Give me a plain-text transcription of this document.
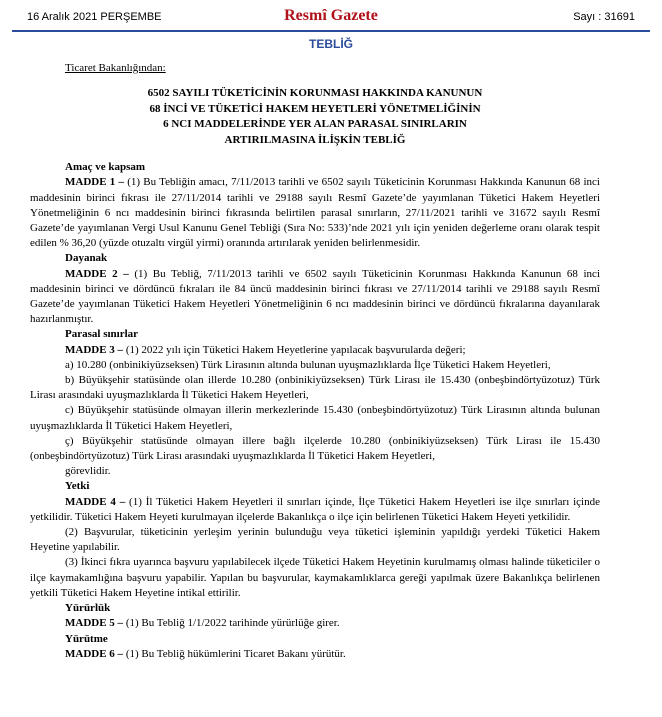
16 Aralık 2021 PERŞEMBE	Resmî Gazete	Sayı : 31691
TEBLİĞ
Ticaret Bakanlığından:
6502 SAYILI TÜKETİCİNİN KORUNMASI HAKKINDA KANUNUN
68 İNCİ VE TÜKETİCİ HAKEM HEYETLERİ YÖNETMELİĞİNİN
6 NCI MADDELERİNDE YER ALAN PARASAL SINIRLARIN
ARTIRILMASINA İLİŞKİN TEBLİĞ
Amaç ve kapsam

MADDE 1 – (1) Bu Tebliğin amacı, 7/11/2013 tarihli ve 6502 sayılı Tüketicinin Korunması Hakkında Kanunun 68 inci maddesinin birinci fıkrası ile 27/11/2014 tarihli ve 29188 sayılı Resmî Gazete’de yayımlanan Tüketici Hakem Heyetleri Yönetmeliğinin 6 ncı maddesinin birinci fıkrasında belirtilen parasal sınırların, 27/11/2021 tarihli ve 31672 sayılı Resmî Gazete’de yayımlanan Vergi Usul Kanunu Genel Tebliği (Sıra No: 533)’nde 2021 yılı için yeniden değerleme oranı olarak tespit edilen % 36,20 (yüzde otuzaltı virgül yirmi) oranında artırılarak yeniden belirlenmesidir.

Dayanak

MADDE 2 – (1) Bu Tebliğ, 7/11/2013 tarihli ve 6502 sayılı Tüketicinin Korunması Hakkında Kanunun 68 inci maddesinin birinci ve dördüncü fıkraları ile 84 üncü maddesinin birinci fıkrası ve 27/11/2014 tarihli ve 29188 sayılı Resmî Gazete’de yayımlanan Tüketici Hakem Heyetleri Yönetmeliğinin 6 ncı maddesinin birinci ve dördüncü fıkralarına dayanılarak hazırlanmıştır.

Parasal sınırlar

MADDE 3 – (1) 2022 yılı için Tüketici Hakem Heyetlerine yapılacak başvurularda değeri;

a) 10.280 (onbinikiyüzseksen) Türk Lirasının altında bulunan uyuşmazlıklarda İlçe Tüketici Hakem Heyetleri,

b) Büyükşehir statüsünde olan illerde 10.280 (onbinikiyüzseksen) Türk Lirası ile 15.430 (onbeşbindörtyüzotuz) Türk Lirası arasındaki uyuşmazlıklarda İl Tüketici Hakem Heyetleri,

c) Büyükşehir statüsünde olmayan illerin merkezlerinde 15.430 (onbeşbindörtyüzotuz) Türk Lirasının altında bulunan uyuşmazlıklarda İl Tüketici Hakem Heyetleri,

ç) Büyükşehir statüsünde olmayan illere bağlı ilçelerde 10.280 (onbinikiyüzseksen) Türk Lirası ile 15.430 (onbeşbindörtyüzotuz) Türk Lirası arasındaki uyuşmazlıklarda İl Tüketici Hakem Heyetleri,

görevlidir.
Yetki

MADDE 4 – (1) İl Tüketici Hakem Heyetleri il sınırları içinde, İlçe Tüketici Hakem Heyetleri ise ilçe sınırları içinde yetkilidir. Tüketici Hakem Heyeti kurulmayan ilçelerde Bakanlıkça o ilçe için belirlenen Tüketici Hakem Heyeti yetkilidir.

(2) Başvurular, tüketicinin yerleşim yerinin bulunduğu veya tüketici işleminin yapıldığı yerdeki Tüketici Hakem Heyetine yapılabilir.

(3) İkinci fıkra uyarınca başvuru yapılabilecek ilçede Tüketici Hakem Heyetinin kurulmamış olması halinde tüketiciler o ilçe kaymakamlığına başvuru yapabilir. Yapılan bu başvurular, kaymakamlıklarca gereği yapılmak üzere Bakanlıkça belirlenen yetkili Tüketici Hakem Heyetine intikal ettirilir.

Yürürlük

MADDE 5 – (1) Bu Tebliğ 1/1/2022 tarihinde yürürlüğe girer.

Yürütme

MADDE 6 – (1) Bu Tebliğ hükümlerini Ticaret Bakanı yürütür.
